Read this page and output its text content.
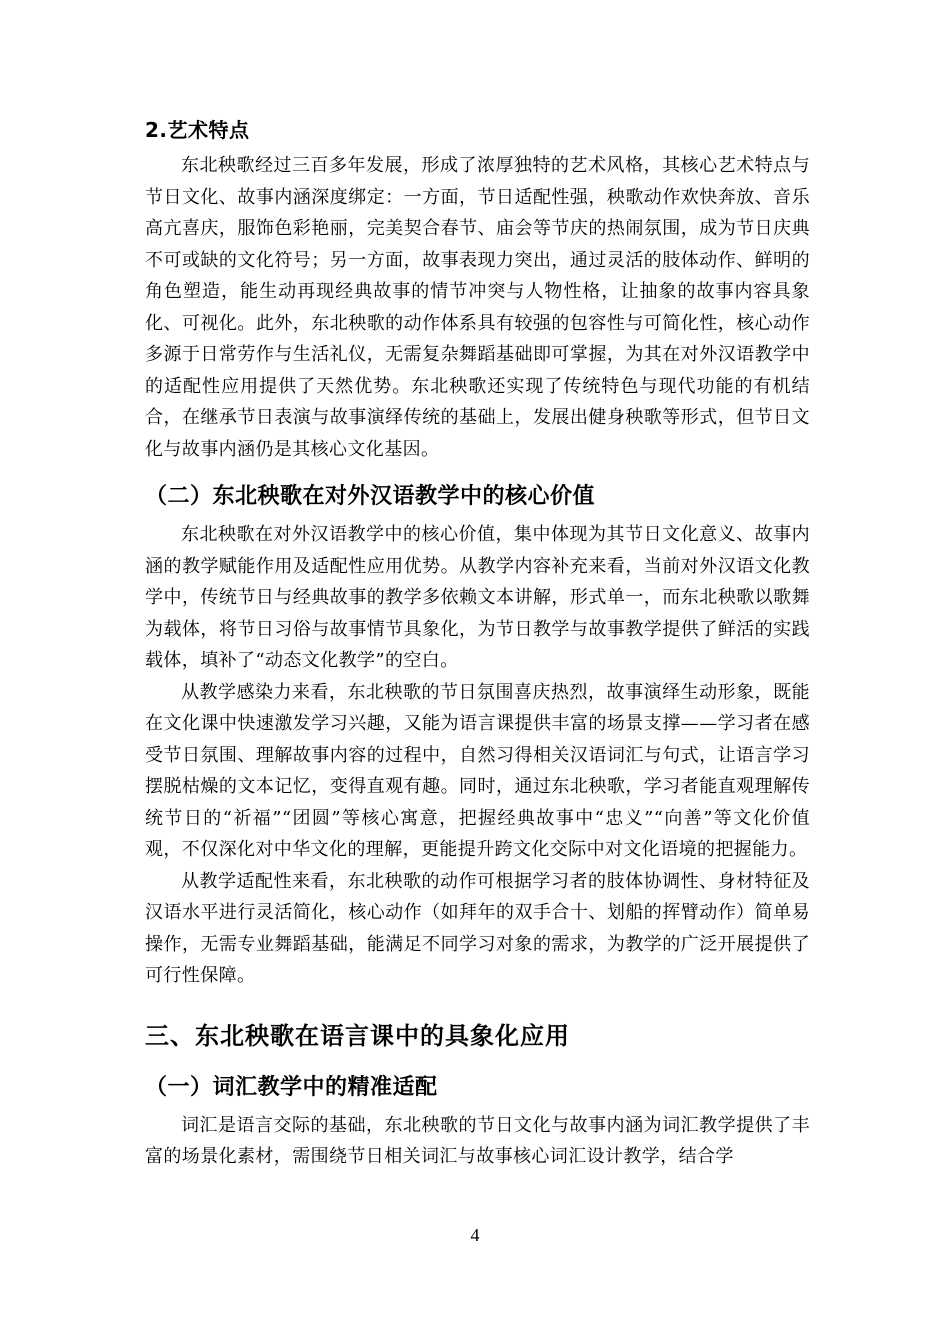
2.艺术特点

东北秧歌经过三百多年发展，形成了浓厚独特的艺术风格，其核心艺术特点与节日文化、故事内涵深度绑定：一方面，节日适配性强，秧歌动作欢快奔放、音乐高亢喜庆，服饰色彩艳丽，完美契合春节、庙会等节庆的热闹氛围，成为节日庆典不可或缺的文化符号；另一方面，故事表现力突出，通过灵活的肢体动作、鲜明的角色塑造，能生动再现经典故事的情节冲突与人物性格，让抽象的故事内容具象化、可视化。此外，东北秧歌的动作体系具有较强的包容性与可简化性，核心动作多源于日常劳作与生活礼仪，无需复杂舞蹈基础即可掌握，为其在对外汉语教学中的适配性应用提供了天然优势。东北秧歌还实现了传统特色与现代功能的有机结合，在继承节日表演与故事演绎传统的基础上，发展出健身秧歌等形式，但节日文化与故事内涵仍是其核心文化基因。

（二）东北秧歌在对外汉语教学中的核心价值

东北秧歌在对外汉语教学中的核心价值，集中体现为其节日文化意义、故事内涵的教学赋能作用及适配性应用优势。从教学内容补充来看，当前对外汉语文化教学中，传统节日与经典故事的教学多依赖文本讲解，形式单一，而东北秧歌以歌舞为载体，将节日习俗与故事情节具象化，为节日教学与故事教学提供了鲜活的实践载体，填补了“动态文化教学”的空白。

从教学感染力来看，东北秧歌的节日氛围喜庆热烈，故事演绎生动形象，既能在文化课中快速激发学习兴趣，又能为语言课提供丰富的场景支撑——学习者在感受节日氛围、理解故事内容的过程中，自然习得相关汉语词汇与句式，让语言学习摆脱枯燥的文本记忆，变得直观有趣。同时，通过东北秧歌，学习者能直观理解传统节日的“祈福”“团圆”等核心寓意，把握经典故事中“忠义”“向善”等文化价值观，不仅深化对中华文化的理解，更能提升跨文化交际中对文化语境的把握能力。

从教学适配性来看，东北秧歌的动作可根据学习者的肢体协调性、身材特征及汉语水平进行灵活简化，核心动作（如拜年的双手合十、划船的挥臂动作）简单易操作，无需专业舞蹈基础，能满足不同学习对象的需求，为教学的广泛开展提供了可行性保障。

三、东北秧歌在语言课中的具象化应用

（一）词汇教学中的精准适配

词汇是语言交际的基础，东北秧歌的节日文化与故事内涵为词汇教学提供了丰富的场景化素材，需围绕节日相关词汇与故事核心词汇设计教学，结合学

4
